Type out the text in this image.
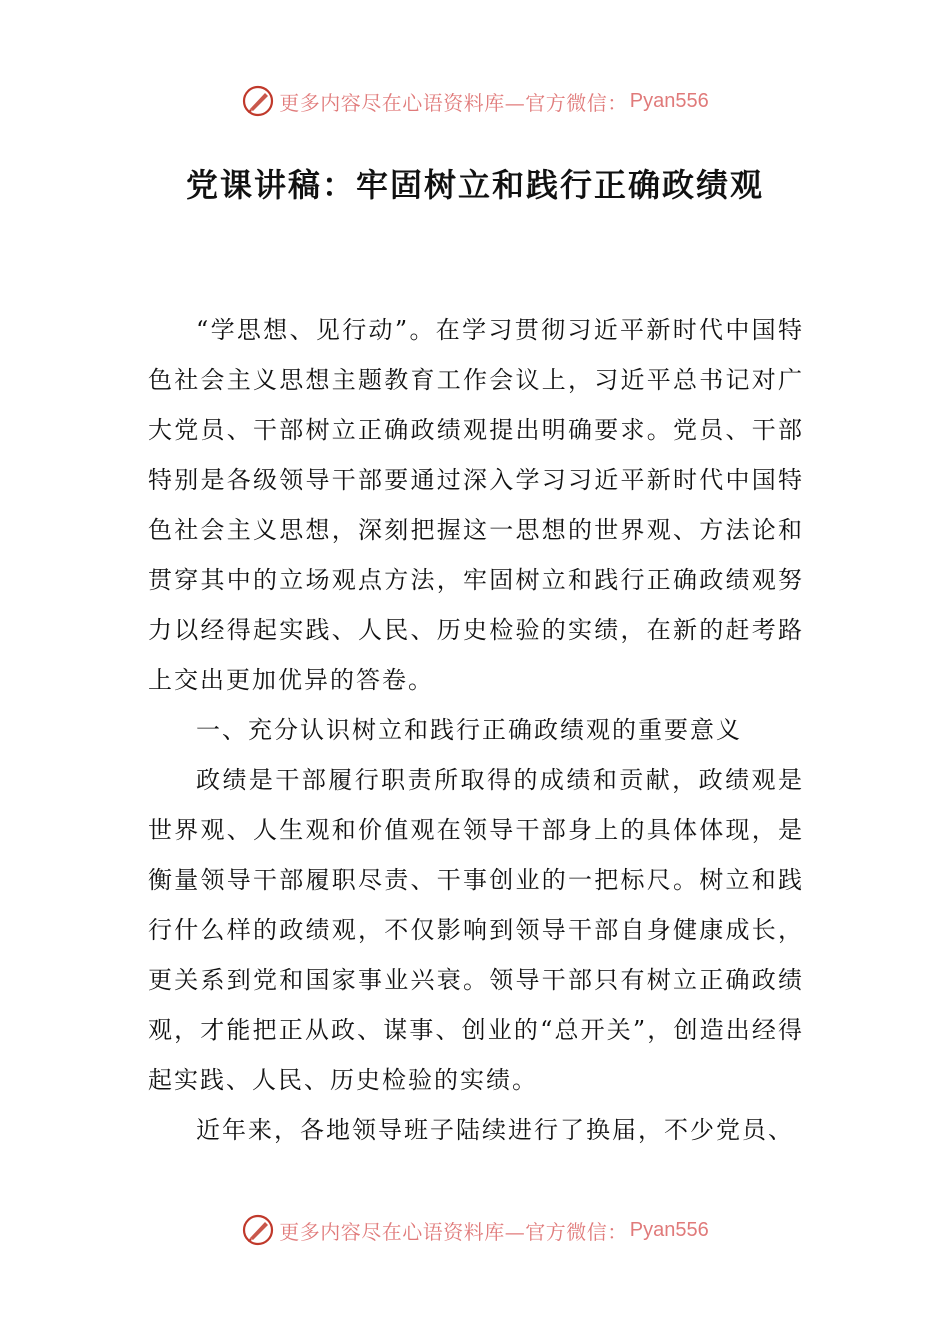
更多内容尽在心语资料库—官方微信： Pyan556
党课讲稿：牢固树立和践行正确政绩观

“学思想、见行动”。在学习贯彻习近平新时代中国特色社会主义思想主题教育工作会议上，习近平总书记对广大党员、干部树立正确政绩观提出明确要求。党员、干部特别是各级领导干部要通过深入学习习近平新时代中国特色社会主义思想，深刻把握这一思想的世界观、方法论和贯穿其中的立场观点方法，牢固树立和践行正确政绩观努力以经得起实践、人民、历史检验的实绩，在新的赶考路上交出更加优异的答卷。

一、充分认识树立和践行正确政绩观的重要意义

政绩是干部履行职责所取得的成绩和贡献，政绩观是世界观、人生观和价值观在领导干部身上的具体体现，是衡量领导干部履职尽责、干事创业的一把标尺。树立和践行什么样的政绩观，不仅影响到领导干部自身健康成长，更关系到党和国家事业兴衰。领导干部只有树立正确政绩观，才能把正从政、谋事、创业的“总开关”，创造出经得起实践、人民、历史检验的实绩。

近年来，各地领导班子陆续进行了换届，不少党员、

更多内容尽在心语资料库—官方微信： Pyan556
